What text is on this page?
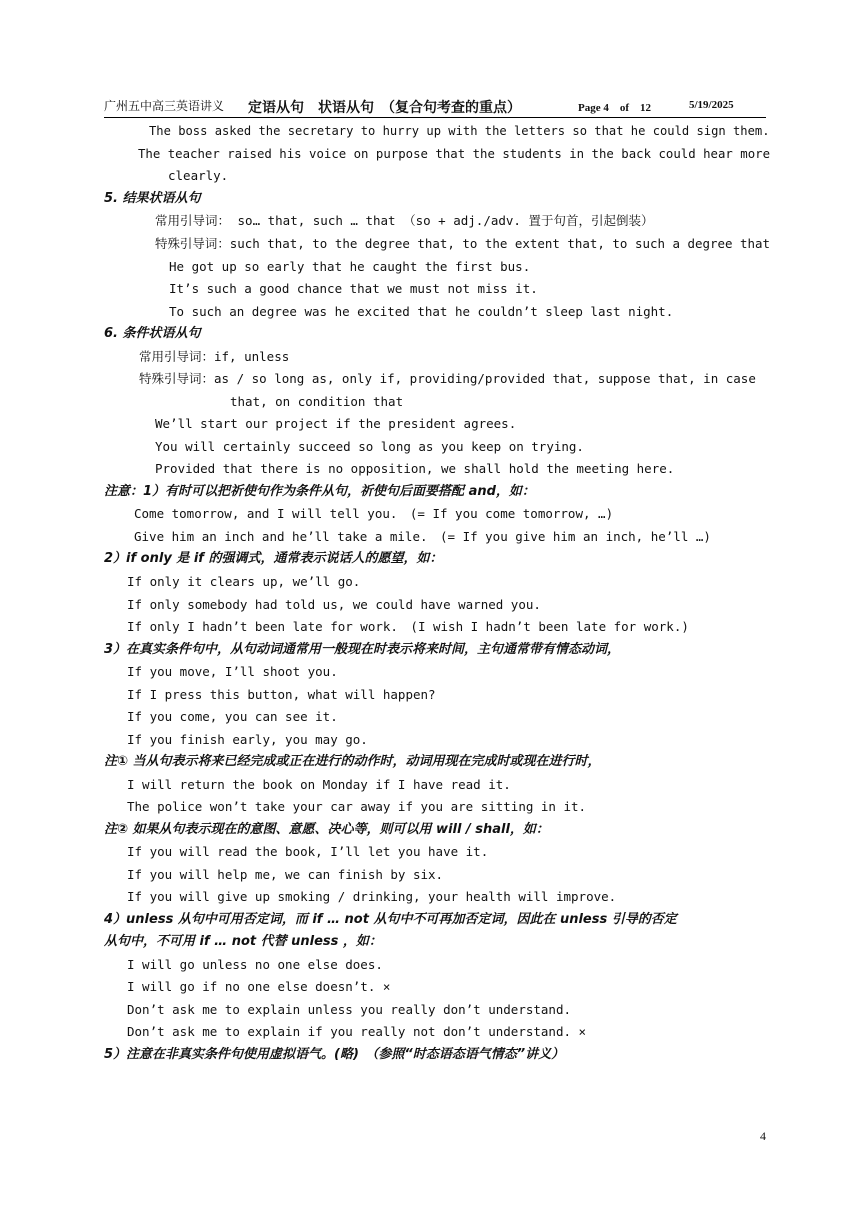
广州五中高三英语讲义 定语从句　状语从句　（复合句考查的重点）	Page 4　of　12	5/19/2025
The boss asked the secretary to hurry up with the letters so that he could sign them.
The teacher raised his voice on purpose that the students in the back could hear more
clearly.
5. 结果状语从句
常用引导词： so… that, such … that （so + adj./adv. 置于句首，引起倒装）
特殊引导词：such that, to the degree that, to the extent that, to such a degree that
He got up so early that he caught the first bus.
It’s such a good chance that we must not miss it.
To such an degree was he excited that he couldn’t sleep last night.
6. 条件状语从句
常用引导词：if, unless
特殊引导词：as / so long as, only if, providing/provided that, suppose that, in case
that, on condition that
We’ll start our project if the president agrees.
You will certainly succeed so long as you keep on trying.
Provided that there is no opposition, we shall hold the meeting here.
注意：1）有时可以把祈使句作为条件从句，祈使句后面要搭配 and，如：
Come tomorrow, and I will tell you.　(= If you come tomorrow, …)
Give him an inch and he’ll take a mile.　(= If you give him an inch, he’ll …)
2）if only 是 if 的强调式，通常表示说话人的愿望，如：
If only it clears up, we’ll go.
If only somebody had told us, we could have warned you.
If only I hadn’t been late for work.　(I wish I hadn’t been late for work.)
3）在真实条件句中，从句动词通常用一般现在时表示将来时间，主句通常带有情态动词，
If you move, I’ll shoot you.
If I press this button, what will happen?
If you come, you can see it.
If you finish early, you may go.
注① 当从句表示将来已经完成或正在进行的动作时，动词用现在完成时或现在进行时，
I will return the book on Monday if I have read it.
The police won’t take your car away if you are sitting in it.
注② 如果从句表示现在的意图、意愿、决心等，则可以用 will / shall，如：
If you will read the book, I’ll let you have it.
If you will help me, we can finish by six.
If you will give up smoking / drinking, your health will improve.
4）unless 从句中可用否定词，而 if … not 从句中不可再加否定词，因此在 unless 引导的否定
从句中，不可用 if … not 代替 unless ，如：
I will go unless no one else does.
I will go if no one else doesn’t. ×
Don’t ask me to explain unless you really don’t understand.
Don’t ask me to explain if you really not don’t understand. ×
5）注意在非真实条件句使用虚拟语气。(略)　（参照“时态语态语气情态”讲义）
4
